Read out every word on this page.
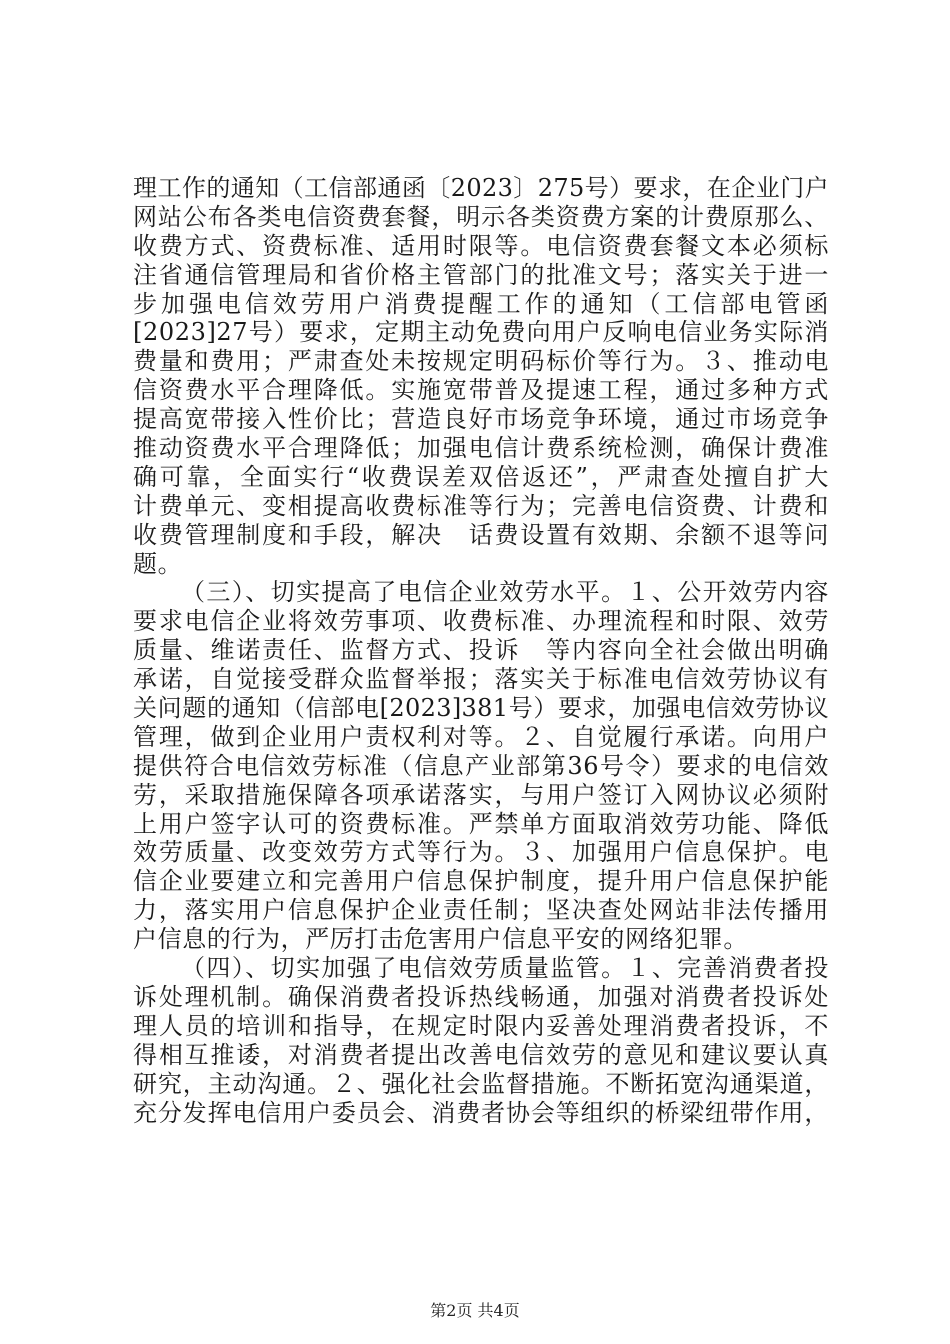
理工作的通知（工信部通函〔2023〕275号）要求，在企业门户
网站公布各类电信资费套餐，明示各类资费方案的计费原那么、
收费方式、资费标准、适用时限等。电信资费套餐文本必须标
注省通信管理局和省价格主管部门的批准文号；落实关于进一
步加强电信效劳用户消费提醒工作的通知（工信部电管函
[2023]27号）要求，定期主动免费向用户反响电信业务实际消
费量和费用；严肃查处未按规定明码标价等行为。３、推动电
信资费水平合理降低。实施宽带普及提速工程，通过多种方式
提高宽带接入性价比；营造良好市场竞争环境，通过市场竞争
推动资费水平合理降低；加强电信计费系统检测，确保计费准
确可靠，全面实行“收费误差双倍返还”，严肃查处擅自扩大
计费单元、变相提高收费标准等行为；完善电信资费、计费和
收费管理制度和手段，解决　话费设置有效期、余额不退等问
题。
（三）、切实提高了电信企业效劳水平。１、公开效劳内容
要求电信企业将效劳事项、收费标准、办理流程和时限、效劳
质量、维诺责任、监督方式、投诉　等内容向全社会做出明确
承诺，自觉接受群众监督举报；落实关于标准电信效劳协议有
关问题的通知（信部电[2023]381号）要求，加强电信效劳协议
管理，做到企业用户责权利对等。２、自觉履行承诺。向用户
提供符合电信效劳标准（信息产业部第36号令）要求的电信效
劳，采取措施保障各项承诺落实，与用户签订入网协议必须附
上用户签字认可的资费标准。严禁单方面取消效劳功能、降低
效劳质量、改变效劳方式等行为。３、加强用户信息保护。电
信企业要建立和完善用户信息保护制度，提升用户信息保护能
力，落实用户信息保护企业责任制；坚决查处网站非法传播用
户信息的行为，严厉打击危害用户信息平安的网络犯罪。
（四）、切实加强了电信效劳质量监管。１、完善消费者投
诉处理机制。确保消费者投诉热线畅通，加强对消费者投诉处
理人员的培训和指导，在规定时限内妥善处理消费者投诉，不
得相互推诿，对消费者提出改善电信效劳的意见和建议要认真
研究，主动沟通。２、强化社会监督措施。不断拓宽沟通渠道，
充分发挥电信用户委员会、消费者协会等组织的桥梁纽带作用，
第2页 共4页
